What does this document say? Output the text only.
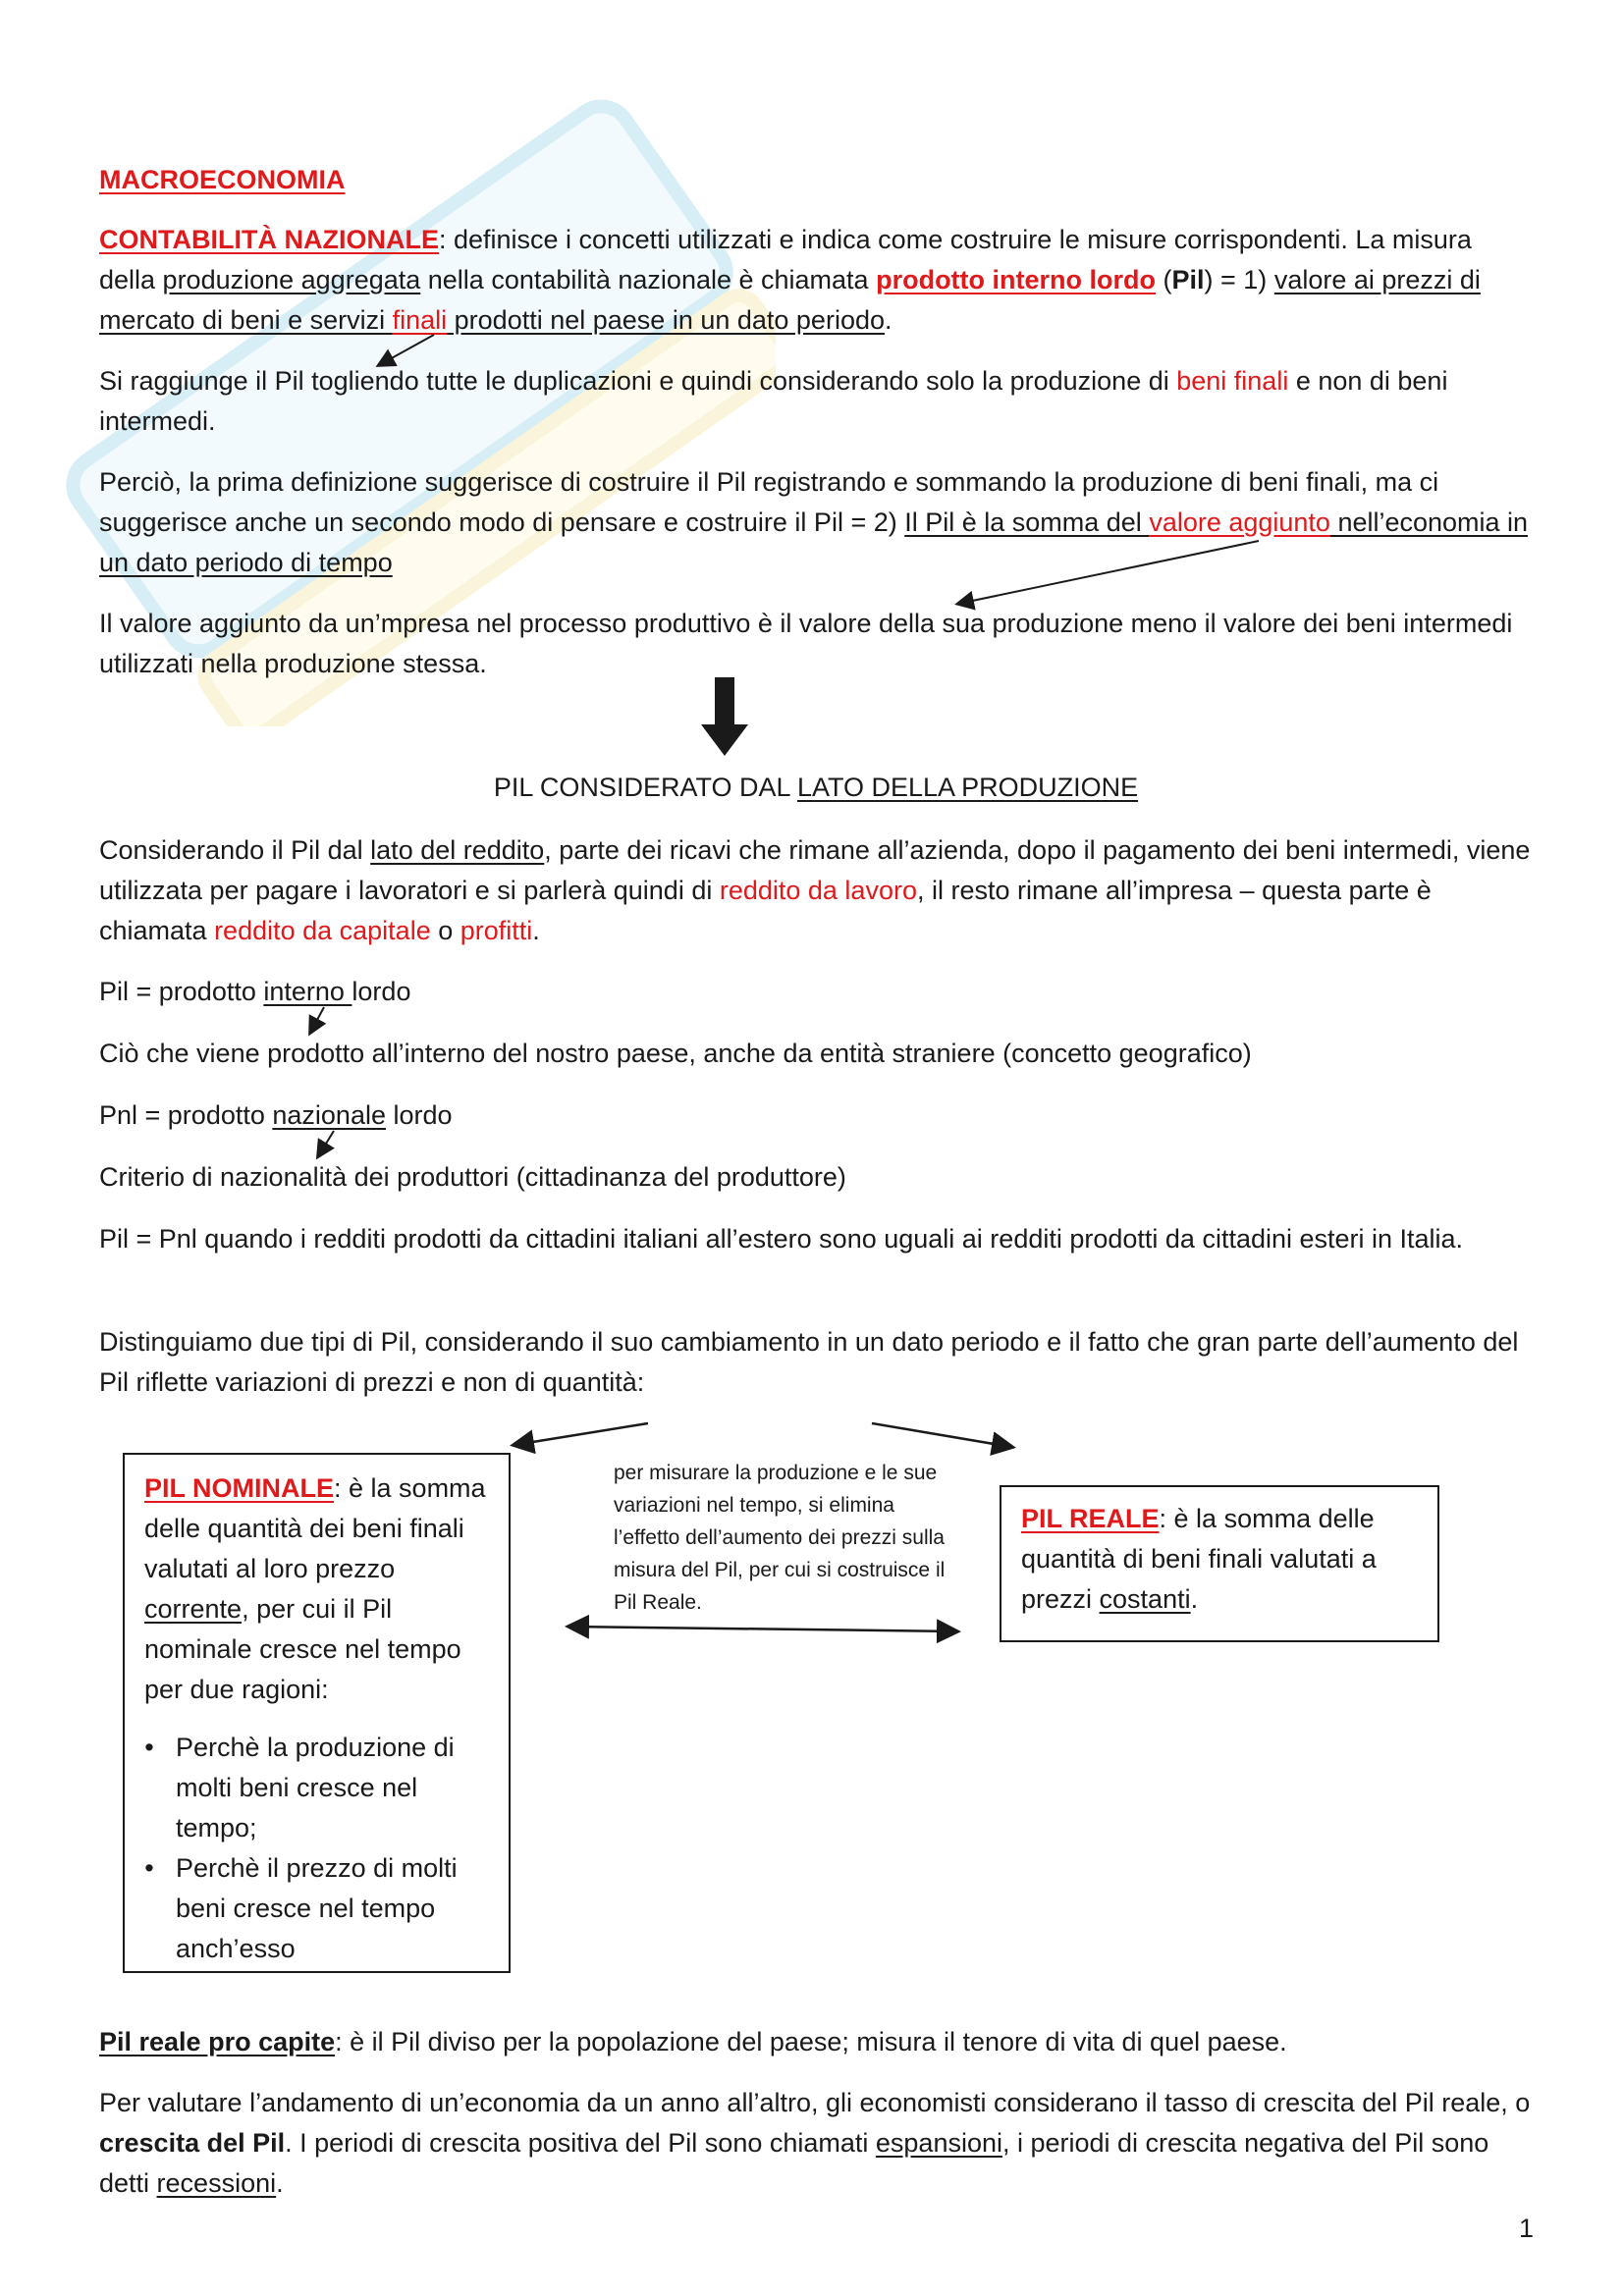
MACROECONOMIA

CONTABILITÀ NAZIONALE: definisce i concetti utilizzati e indica come costruire le misure corrispondenti. La misura della produzione aggregata nella contabilità nazionale è chiamata prodotto interno lordo (Pil) = 1) valore ai prezzi di mercato di beni e servizi finali prodotti nel paese in un dato periodo.

Si raggiunge il Pil togliendo tutte le duplicazioni e quindi considerando solo la produzione di beni finali e non di beni intermedi.

Perciò, la prima definizione suggerisce di costruire il Pil registrando e sommando la produzione di beni finali, ma ci suggerisce anche un secondo modo di pensare e costruire il Pil = 2) Il Pil è la somma del valore aggiunto nell’economia in un dato periodo di tempo

Il valore aggiunto da un’mpresa nel processo produttivo è il valore della sua produzione meno il valore dei beni intermedi utilizzati nella produzione stessa.

PIL CONSIDERATO DAL LATO DELLA PRODUZIONE

Considerando il Pil dal lato del reddito, parte dei ricavi che rimane all’azienda, dopo il pagamento dei beni intermedi, viene utilizzata per pagare i lavoratori e si parlerà quindi di reddito da lavoro, il resto rimane all’impresa – questa parte è chiamata reddito da capitale o profitti.

Pil = prodotto interno lordo

Ciò che viene prodotto all’interno del nostro paese, anche da entità straniere (concetto geografico)

Pnl = prodotto nazionale lordo

Criterio di nazionalità dei produttori (cittadinanza del produttore)

Pil = Pnl quando i redditi prodotti da cittadini italiani all’estero sono uguali ai redditi prodotti da cittadini esteri in Italia.

Distinguiamo due tipi di Pil, considerando il suo cambiamento in un dato periodo e il fatto che gran parte dell’aumento del Pil riflette variazioni di prezzi e non di quantità:

PIL NOMINALE: è la somma delle quantità dei beni finali valutati al loro prezzo corrente, per cui il Pil nominale cresce nel tempo per due ragioni:
• Perchè la produzione di molti beni cresce nel tempo;
• Perchè il prezzo di molti beni cresce nel tempo anch’esso
per misurare la produzione e le sue variazioni nel tempo, si elimina l’effetto dell’aumento dei prezzi sulla misura del Pil, per cui si costruisce il Pil Reale.
PIL REALE: è la somma delle quantità di beni finali valutati a prezzi costanti.

Pil reale pro capite: è il Pil diviso per la popolazione del paese; misura il tenore di vita di quel paese.

Per valutare l’andamento di un’economia da un anno all’altro, gli economisti considerano il tasso di crescita del Pil reale, o crescita del Pil. I periodi di crescita positiva del Pil sono chiamati espansioni, i periodi di crescita negativa del Pil sono detti recessioni.

1
